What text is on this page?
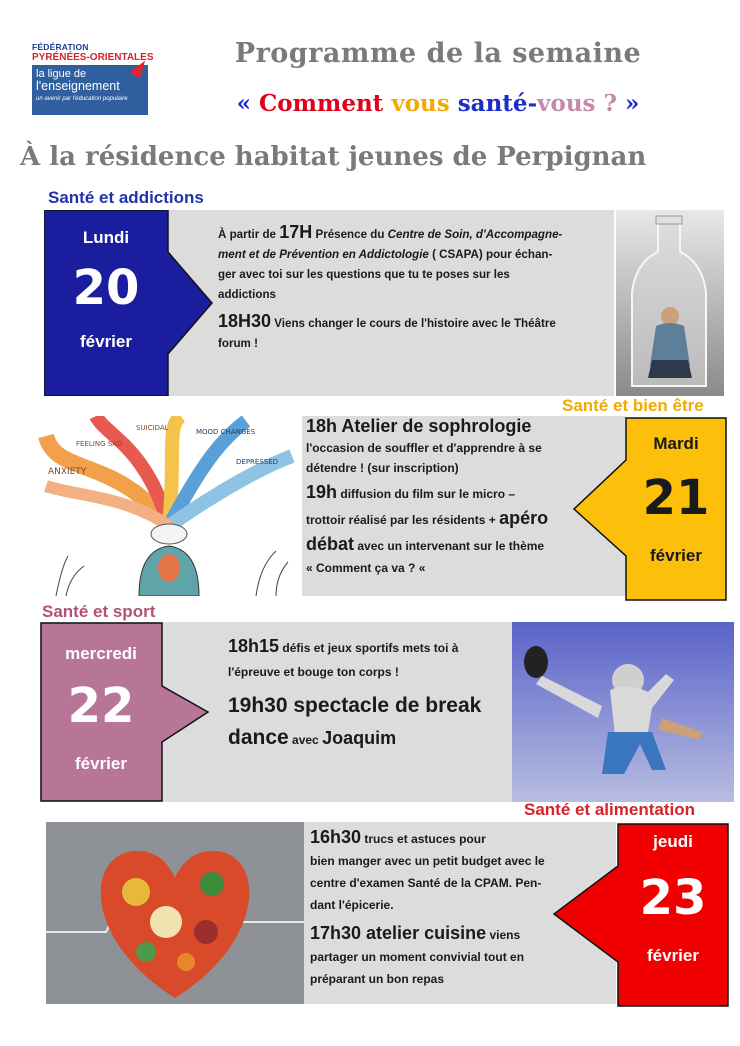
FÉDÉRATION
PYRÉNÉES-ORIENTALES
la ligue de
l'enseignement
un avenir par l'éducation populaire
Programme de la semaine
« Comment vous santé-vous ? »
À la résidence habitat jeunes de Perpignan
Santé et addictions
Lundi
20
février
À partir de 17H Présence du Centre de Soin, d'Accompagne-
ment et de Prévention en Addictologie ( CSAPA) pour échan-
ger avec toi sur les questions que tu te poses sur les
addictions
18H30 Viens changer le cours de l'histoire avec le Théâtre
forum !
Santé et bien être
ANXIETY
FEELING SAD
SUICIDAL	MOOD CHANGES
DEPRESSED
Mardi
21
février
18h Atelier de sophrologie
l'occasion de souffler et d'apprendre à se
détendre ! (sur inscription)
19h diffusion du film sur le micro –
trottoir réalisé par les résidents + apéro
débat avec un intervenant sur le thème
« Comment ça va ? «
Santé et sport
mercredi
22
février
18h15 défis et jeux sportifs mets toi à
l'épreuve et bouge ton corps !
19h30 spectacle de break
dance avec Joaquim
Santé et alimentation
jeudi
23
février
16h30 trucs et astuces pour
bien manger avec un petit budget avec le
centre d'examen Santé de la CPAM. Pen-
dant l'épicerie.
17h30 atelier cuisine viens
partager un moment convivial tout en
préparant un bon repas
